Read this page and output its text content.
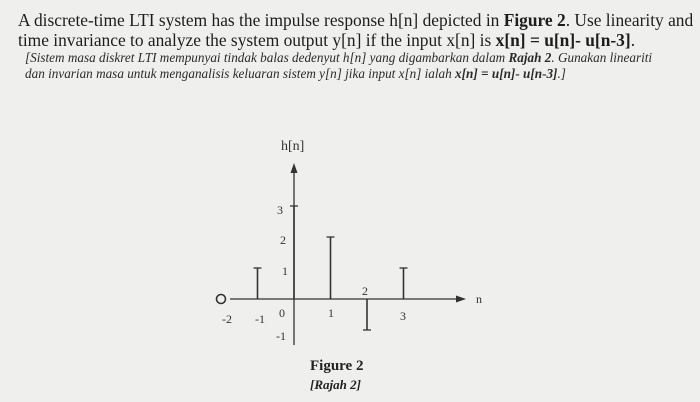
A discrete-time LTI system has the impulse response h[n] depicted in Figure 2. Use linearity and
time invariance to analyze the system output y[n] if the input x[n] is x[n] = u[n]- u[n-3].
[Sistem masa diskret LTI mempunyai tindak balas dedenyut h[n] yang digambarkan dalam Rajah 2. Gunakan lineariti
dan invarian masa untuk menganalisis keluaran sistem y[n] jika input x[n] ialah x[n] = u[n]- u[n-3].]
h[n]
n
3
2
1
-1
-2 -1 0	1	3
2
Figure 2
[Rajah 2]
